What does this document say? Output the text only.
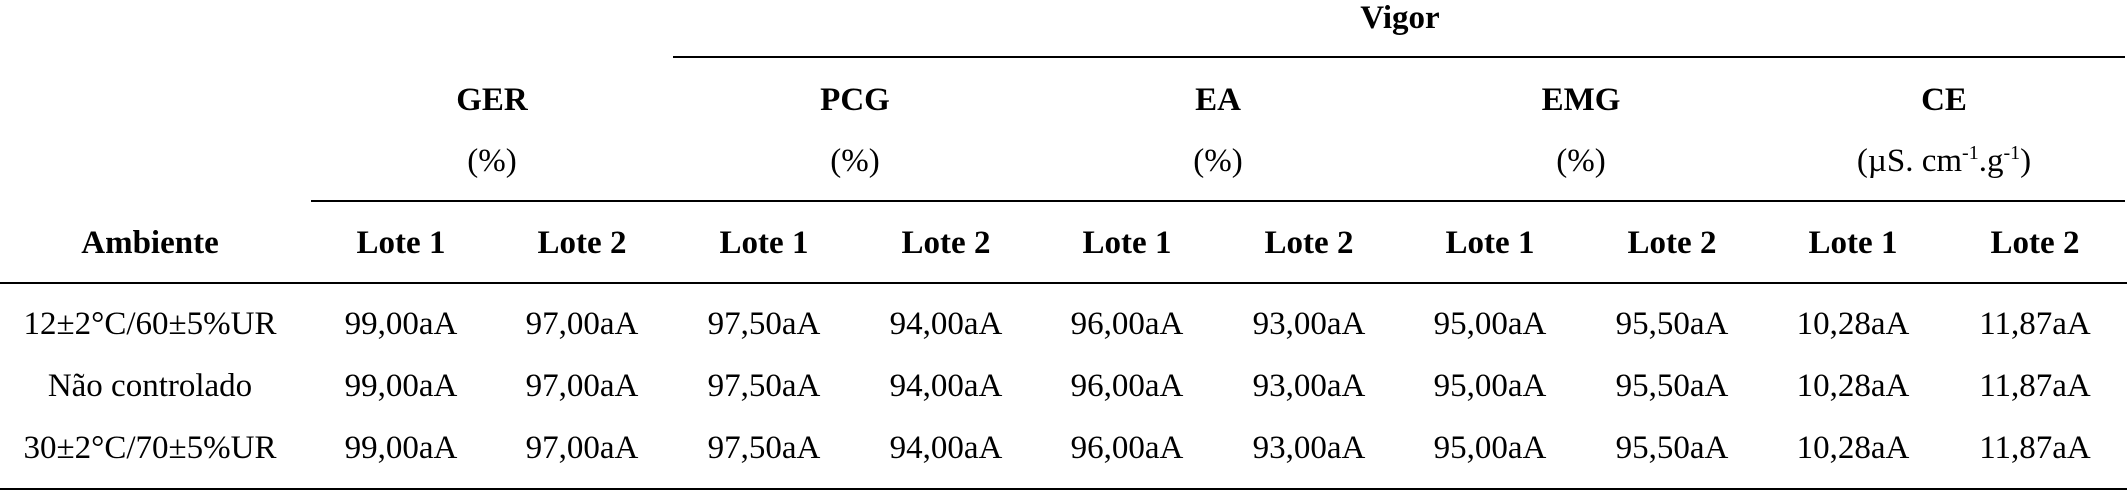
Vigor
GER
(%)
PCG
(%)
EA
(%)
EMG
(%)
CE
(µS. $cm^{-1}.g^{-1}$)
Ambiente	Lote 1	Lote 2	Lote 1	Lote 2	Lote 1	Lote 2	Lote 1	Lote 2	Lote 1	Lote 2
12±2°C/60±5%UR 99,00aA 97,00aA 97,50aA 94,00aA 96,00aA 93,00aA 95,00aA 95,50aA 10,28aA 11,87aA
Não controlado	99,00aA 97,00aA 97,50aA 94,00aA 96,00aA 93,00aA 95,00aA 95,50aA 10,28aA 11,87aA
30±2°C/70±5%UR 99,00aA 97,00aA 97,50aA 94,00aA 96,00aA 93,00aA 95,00aA 95,50aA 10,28aA 11,87aA
